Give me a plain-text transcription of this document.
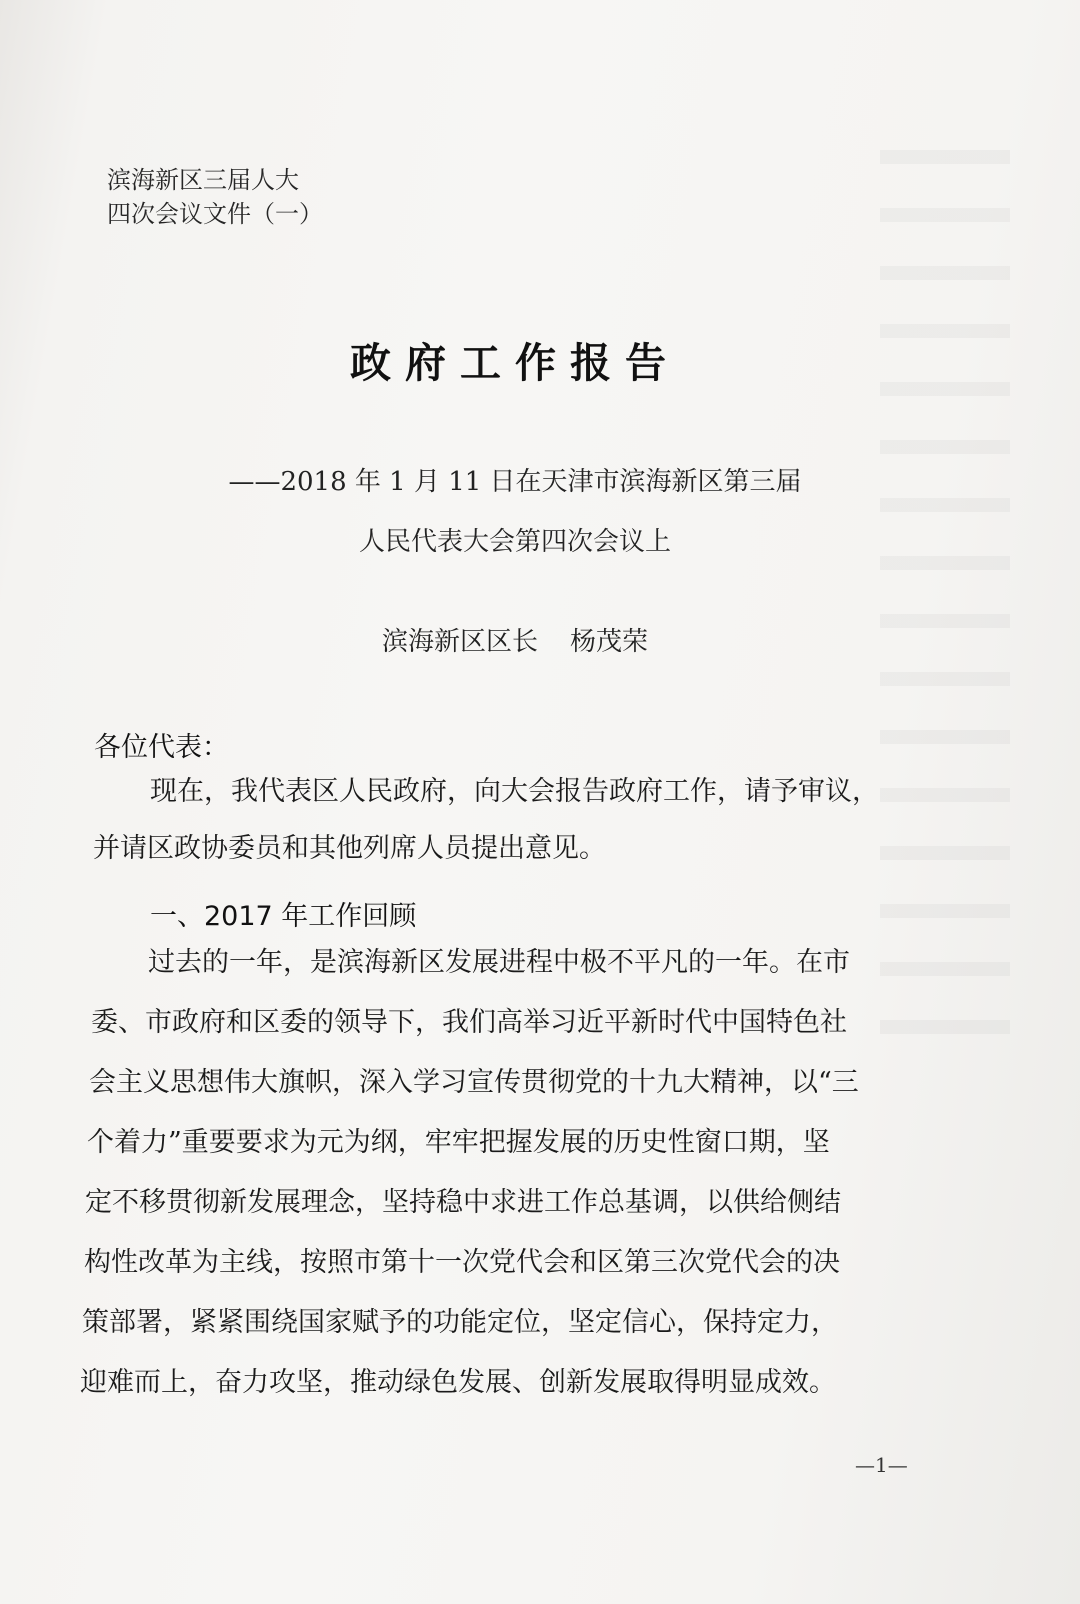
滨海新区三届人大
四次会议文件（一）
政府工作报告
——2018 年 1 月 11 日在天津市滨海新区第三届
人民代表大会第四次会议上
滨海新区区长 杨茂荣
各位代表：
现在，我代表区人民政府，向大会报告政府工作，请予审议，
并请区政协委员和其他列席人员提出意见。
一、2017 年工作回顾
过去的一年，是滨海新区发展进程中极不平凡的一年。在市
委、市政府和区委的领导下，我们高举习近平新时代中国特色社
会主义思想伟大旗帜，深入学习宣传贯彻党的十九大精神，以“三
个着力”重要要求为元为纲，牢牢把握发展的历史性窗口期，坚
定不移贯彻新发展理念，坚持稳中求进工作总基调，以供给侧结
构性改革为主线，按照市第十一次党代会和区第三次党代会的决
策部署，紧紧围绕国家赋予的功能定位，坚定信心，保持定力，
迎难而上，奋力攻坚，推动绿色发展、创新发展取得明显成效。
—1—
